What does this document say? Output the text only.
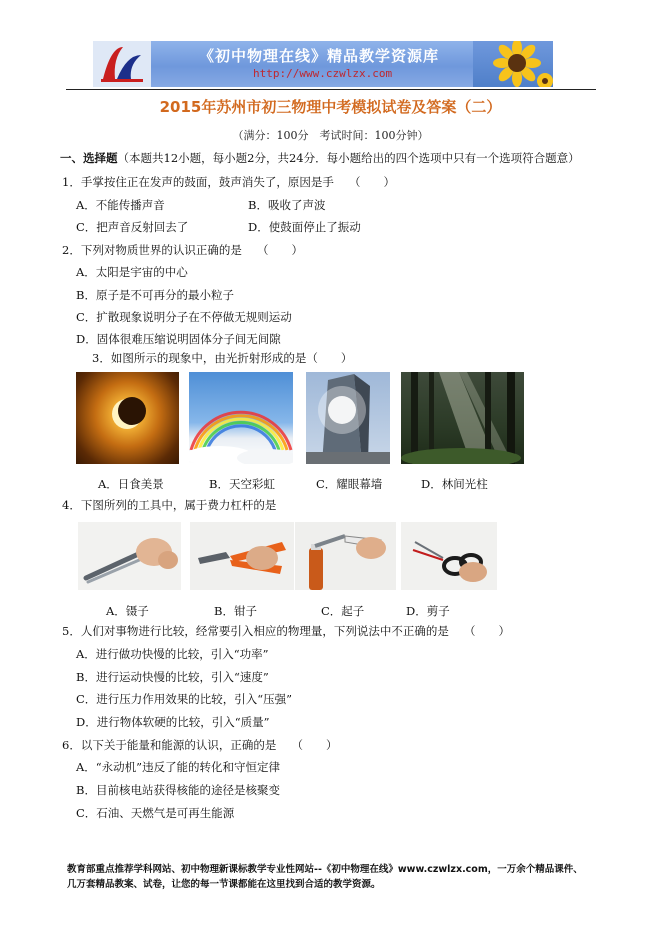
《初中物理在线》精品教学资源库
http://www.czwlzx.com
2015年苏州市初三物理中考模拟试卷及答案（二）
（满分：100分　考试时间：100分钟）
一、选择题（本题共12小题，每小题2分，共24分．每小题给出的四个选项中只有一个选项符合题意）
1．手掌按住正在发声的鼓面，鼓声消失了，原因是手　 （　　）
A．不能传播声音	B．吸收了声波
C．把声音反射回去了	D．使鼓面停止了振动
2．下列对物质世界的认识正确的是　 （　　）
A．太阳是宇宙的中心
B．原子是不可再分的最小粒子
C．扩散现象说明分子在不停做无规则运动
D．固体很难压缩说明固体分子间无间隙
3．如图所示的现象中，由光折射形成的是（　　）
A．日食美景	B．天空彩虹	C．耀眼幕墙	D．林间光柱
4．下图所列的工具中，属于费力杠杆的是
A．镊子	B．钳子	C．起子	D．剪子
5．人们对事物进行比较，经常要引入相应的物理量，下列说法中不正确的是　 （　　）
A．进行做功快慢的比较，引入“功率”
B．进行运动快慢的比较，引入“速度”
C．进行压力作用效果的比较，引入“压强”
D．进行物体软硬的比较，引入“质量”
6．以下关于能量和能源的认识，正确的是　 （　　）
A．“永动机”违反了能的转化和守恒定律
B．目前核电站获得核能的途径是核聚变
C．石油、天燃气是可再生能源
教育部重点推荐学科网站、初中物理新课标教学专业性网站--《初中物理在线》www.czwlzx.com，一万余个精品课件、
几万套精品教案、试卷，让您的每一节课都能在这里找到合适的教学资源。
